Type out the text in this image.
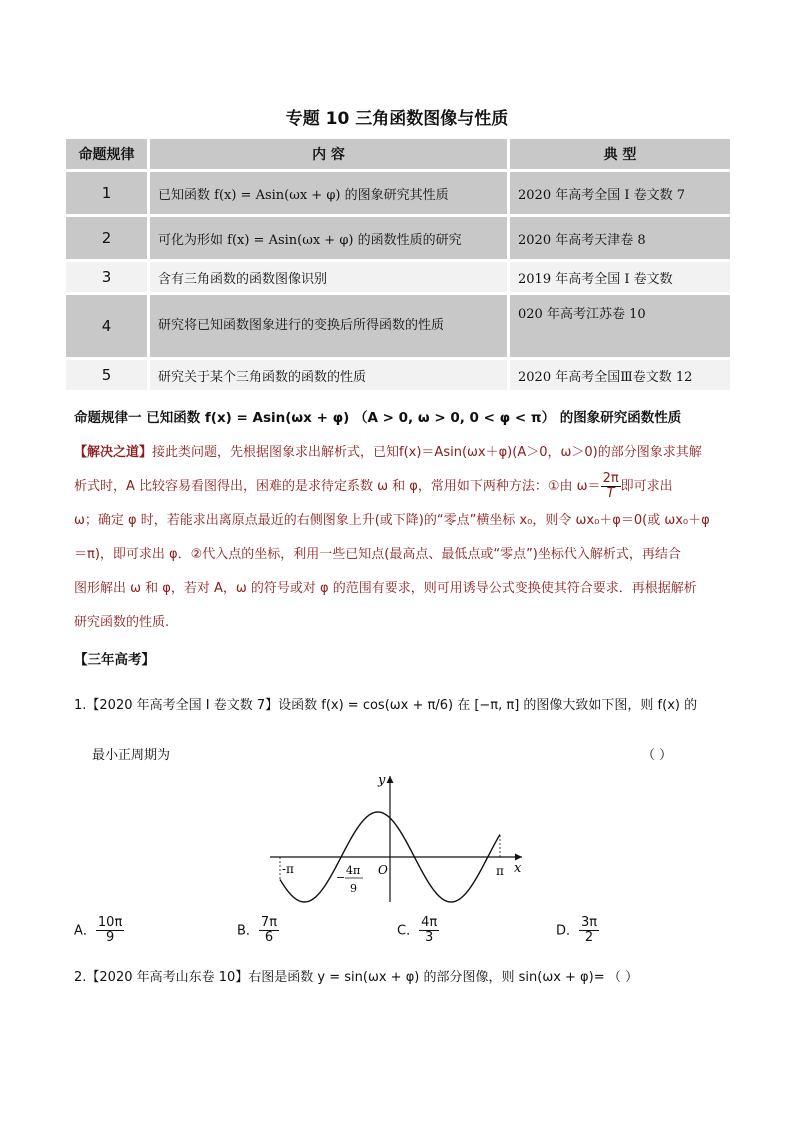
专题 10 三角函数图像与性质
命题规律	内 容	典 型
1	已知函数 f(x) = Asin(ωx + φ) 的图象研究其性质	2020 年高考全国 Ⅰ 卷文数 7
2	可化为形如 f(x) = Asin(ωx + φ) 的函数性质的研究	2020 年高考天津卷 8
3	含有三角函数的函数图像识别	2019 年高考全国 Ⅰ 卷文数
4	研究将已知函数图象进行的变换后所得函数的性质	020 年高考江苏卷 10
5	研究关于某个三角函数的函数的性质	2020 年高考全国Ⅲ卷文数 12
命题规律一 已知函数 f(x) = Asin(ωx + φ) （A > 0, ω > 0, 0 < φ < π） 的图象研究函数性质
【解决之道】接此类问题，先根据图象求出解析式，已知f(x)＝Asin(ωx＋φ)(A＞0，ω＞0)的部分图象求其解
析式时，A 比较容易看图得出，困难的是求待定系数 ω 和 φ，常用如下两种方法：①由 $\omega= \frac{2\pi}{T}$ 即可求出
ω；确定 φ 时，若能求出离原点最近的右侧图象上升(或下降)的“零点”横坐标 x₀，则令 ωx₀＋φ＝0(或 ωx₀＋φ
＝π)，即可求出 φ．②代入点的坐标，利用一些已知点(最高点、最低点或“零点”)坐标代入解析式，再结合
图形解出 ω 和 φ，若对 A，ω 的符号或对 φ 的范围有要求，则可用诱导公式变换使其符合要求．再根据解析
研究函数的性质.
【三年高考】
1.【2020 年高考全国 I 卷文数 7】设函数 f(x) = cos(ωx + π/6) 在 [−π, π] 的图像大致如下图，则 f(x) 的
最小正周期为	（ ）
y
x
O
-π	π
−
4π
9
A． $\frac{10\pi}{9}$	B． $\frac{7\pi}{6}$	C． $\frac{4\pi}{3}$	D． $\frac{3\pi}{2}$
2.【2020 年高考山东卷 10】右图是函数 y = sin(ωx + φ) 的部分图像，则 sin(ωx + φ)= （ ）
